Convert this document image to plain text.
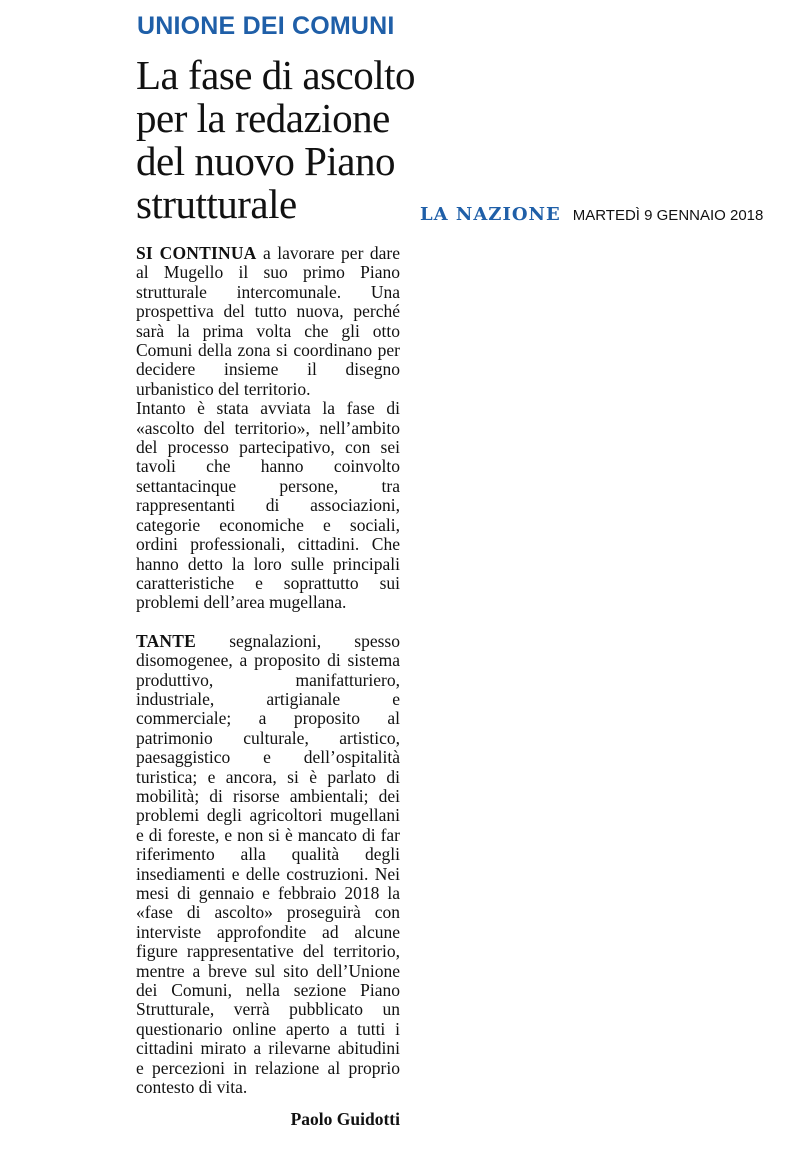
UNIONE DEI COMUNI
La fase di ascolto
per la redazione
del nuovo Piano
strutturale	LA NAZIONE MARTEDÌ 9 GENNAIO 2018

SI CONTINUA a lavorare per dare al Mugello il suo primo Piano strutturale intercomunale. Una prospettiva del tutto nuova, perché sarà la prima volta che gli otto Comuni della zona si coordinano per decidere insieme il disegno urbanistico del territorio.

Intanto è stata avviata la fase di «ascolto del territorio», nell’ambito del processo partecipativo, con sei tavoli che hanno coinvolto settantacinque persone, tra rappresentanti di associazioni, categorie economiche e sociali, ordini professionali, cittadini. Che hanno detto la loro sulle principali caratteristiche e soprattutto sui problemi dell’area mugellana.

TANTE segnalazioni, spesso disomogenee, a proposito di sistema produttivo, manifatturiero, industriale, artigianale e commerciale; a proposito al patrimonio culturale, artistico, paesaggistico e dell’ospitalità turistica; e ancora, si è parlato di mobilità; di risorse ambientali; dei problemi degli agricoltori mugellani e di foreste, e non si è mancato di far riferimento alla qualità degli insediamenti e delle costruzioni. Nei mesi di gennaio e febbraio 2018 la «fase di ascolto» proseguirà con interviste approfondite ad alcune figure rappresentative del territorio, mentre a breve sul sito dell’Unione dei Comuni, nella sezione Piano Strutturale, verrà pubblicato un questionario online aperto a tutti i cittadini mirato a rilevarne abitudini e percezioni in relazione al proprio contesto di vita.

Paolo Guidotti
